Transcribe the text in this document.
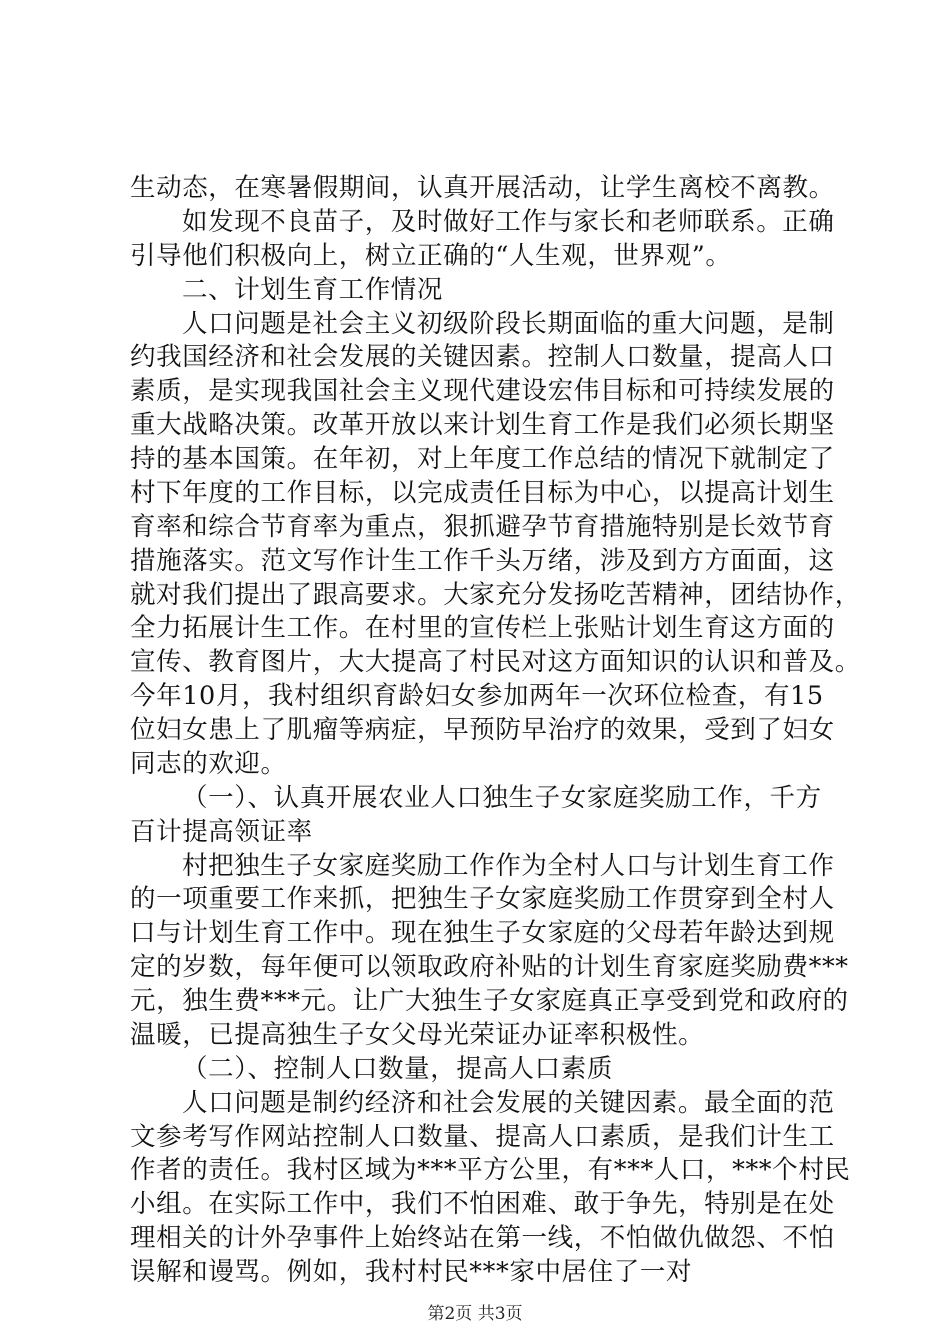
生动态，在寒暑假期间，认真开展活动，让学生离校不离教。
如发现不良苗子，及时做好工作与家长和老师联系。正确
引导他们积极向上，树立正确的“人生观，世界观”。
二、计划生育工作情况
人口问题是社会主义初级阶段长期面临的重大问题，是制
约我国经济和社会发展的关键因素。控制人口数量，提高人口
素质，是实现我国社会主义现代建设宏伟目标和可持续发展的
重大战略决策。改革开放以来计划生育工作是我们必须长期坚
持的基本国策。在年初，对上年度工作总结的情况下就制定了
村下年度的工作目标，以完成责任目标为中心，以提高计划生
育率和综合节育率为重点，狠抓避孕节育措施特别是长效节育
措施落实。范文写作计生工作千头万绪，涉及到方方面面，这
就对我们提出了跟高要求。大家充分发扬吃苦精神，团结协作，
全力拓展计生工作。在村里的宣传栏上张贴计划生育这方面的
宣传、教育图片，大大提高了村民对这方面知识的认识和普及。
今年10月，我村组织育龄妇女参加两年一次环位检查，有15
位妇女患上了肌瘤等病症，早预防早治疗的效果，受到了妇女
同志的欢迎。
（一）、认真开展农业人口独生子女家庭奖励工作，千方
百计提高领证率
村把独生子女家庭奖励工作作为全村人口与计划生育工作
的一项重要工作来抓，把独生子女家庭奖励工作贯穿到全村人
口与计划生育工作中。现在独生子女家庭的父母若年龄达到规
定的岁数，每年便可以领取政府补贴的计划生育家庭奖励费***
元，独生费***元。让广大独生子女家庭真正享受到党和政府的
温暖，已提高独生子女父母光荣证办证率积极性。
（二）、控制人口数量，提高人口素质
人口问题是制约经济和社会发展的关键因素。最全面的范
文参考写作网站控制人口数量、提高人口素质，是我们计生工
作者的责任。我村区域为***平方公里，有***人口，***个村民
小组。在实际工作中，我们不怕困难、敢于争先，特别是在处
理相关的计外孕事件上始终站在第一线，不怕做仇做怨、不怕
误解和谩骂。例如，我村村民***家中居住了一对
第2页 共3页
